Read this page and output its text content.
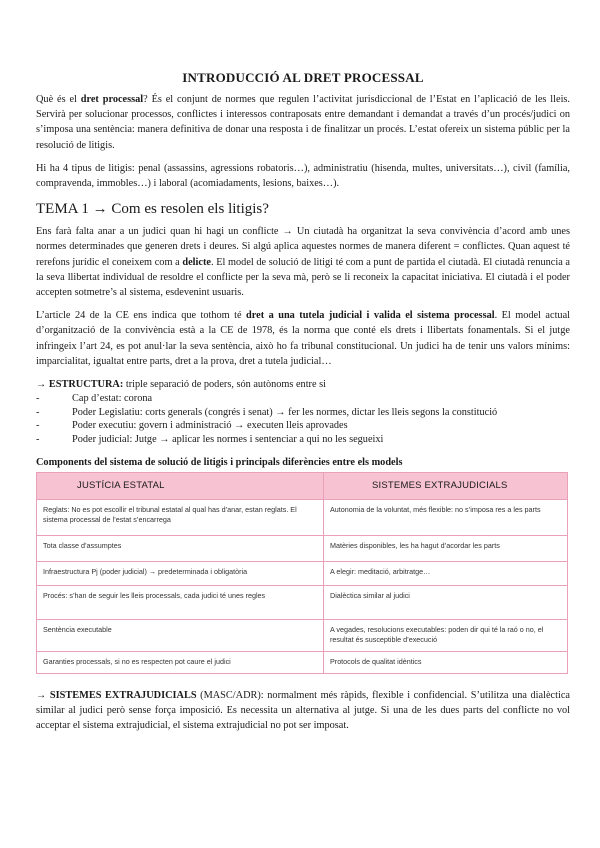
INTRODUCCIÓ AL DRET PROCESSAL

Què és el dret processal? És el conjunt de normes que regulen l’activitat jurisdiccional de l’Estat en l’aplicació de les lleis. Servirà per solucionar processos, conflictes i interessos contraposats entre demandant i demandat a través d’un procés/judici on s’imposa una sentència: manera definitiva de donar una resposta i de finalitzar un procés. L’estat ofereix un sistema públic per la resolució de litigis.

Hi ha 4 tipus de litigis: penal (assassins, agressions robatoris…), administratiu (hisenda, multes, universitats…), civil (família, compravenda, immobles…) i laboral (acomiadaments, lesions, baixes…).

TEMA 1 → Com es resolen els litigis?

Ens farà falta anar a un judici quan hi hagi un conflicte → Un ciutadà ha organitzat la seva convivència d’acord amb unes normes determinades que generen drets i deures. Si algú aplica aquestes normes de manera diferent = conflictes. Quan aquest té rerefons jurídic el coneixem com a delicte. El model de solució de litigi té com a punt de partida el ciutadà. El ciutadà renuncia a la seva llibertat individual de resoldre el conflicte per la seva mà, però se li reconeix la capacitat iniciativa. El ciutadà i el poder accepten sotmetre’s al sistema, esdevenint usuaris.

L’article 24 de la CE ens indica que tothom té dret a una tutela judicial i valida el sistema processal. El model actual d’organització de la convivència està a la CE de 1978, és la norma que conté els drets i llibertats fonamentals. Si el jutge infringeix l’art 24, es pot anul·lar la seva sentència, això ho fa tribunal constitucional. Un judici ha de tenir uns valors mínims: imparcialitat, igualtat entre parts, dret a la prova, dret a tutela judicial…

→ ESTRUCTURA: triple separació de poders, són autònoms entre si

-	Cap d’estat: corona
-	Poder Legislatiu: corts generals (congrés i senat) → fer les normes, dictar les lleis segons la constitució
-	Poder executiu: govern i administració → executen lleis aprovades
-	Poder judicial: Jutge → aplicar les normes i sentenciar a qui no les segueixi
Components del sistema de solució de litigis i principals diferències entre els models
JUSTÍCIA ESTATAL	SISTEMES EXTRAJUDICIALS
Reglats: No es pot escollir el tribunal estatal al qual has d’anar, estan reglats. El sistema processal de l’estat s’encarrega	Autonomia de la voluntat, més flexible: no s’imposa res a les parts
Tota classe d’assumptes	Matèries disponibles, les ha hagut d’acordar les parts
Infraestructura Pj (poder judicial) → predeterminada i obligatòria	A elegir: meditació, arbitratge…
Procés: s’han de seguir les lleis processals, cada judici té unes regles	Dialèctica similar al judici
Sentència executable	A vegades, resolucions executables: poden dir qui té la raó o no, el resultat és susceptible d’execució
Garanties processals, si no es respecten pot caure el judici	Protocols de qualitat idèntics

→ SISTEMES EXTRAJUDICIALS (MASC/ADR): normalment més ràpids, flexible i confidencial. S’utilitza una dialèctica similar al judici però sense força imposició. Es necessita un alternativa al jutge. Si una de les dues parts del conflicte no vol acceptar el sistema extrajudicial, el sistema extrajudicial no pot ser imposat.
